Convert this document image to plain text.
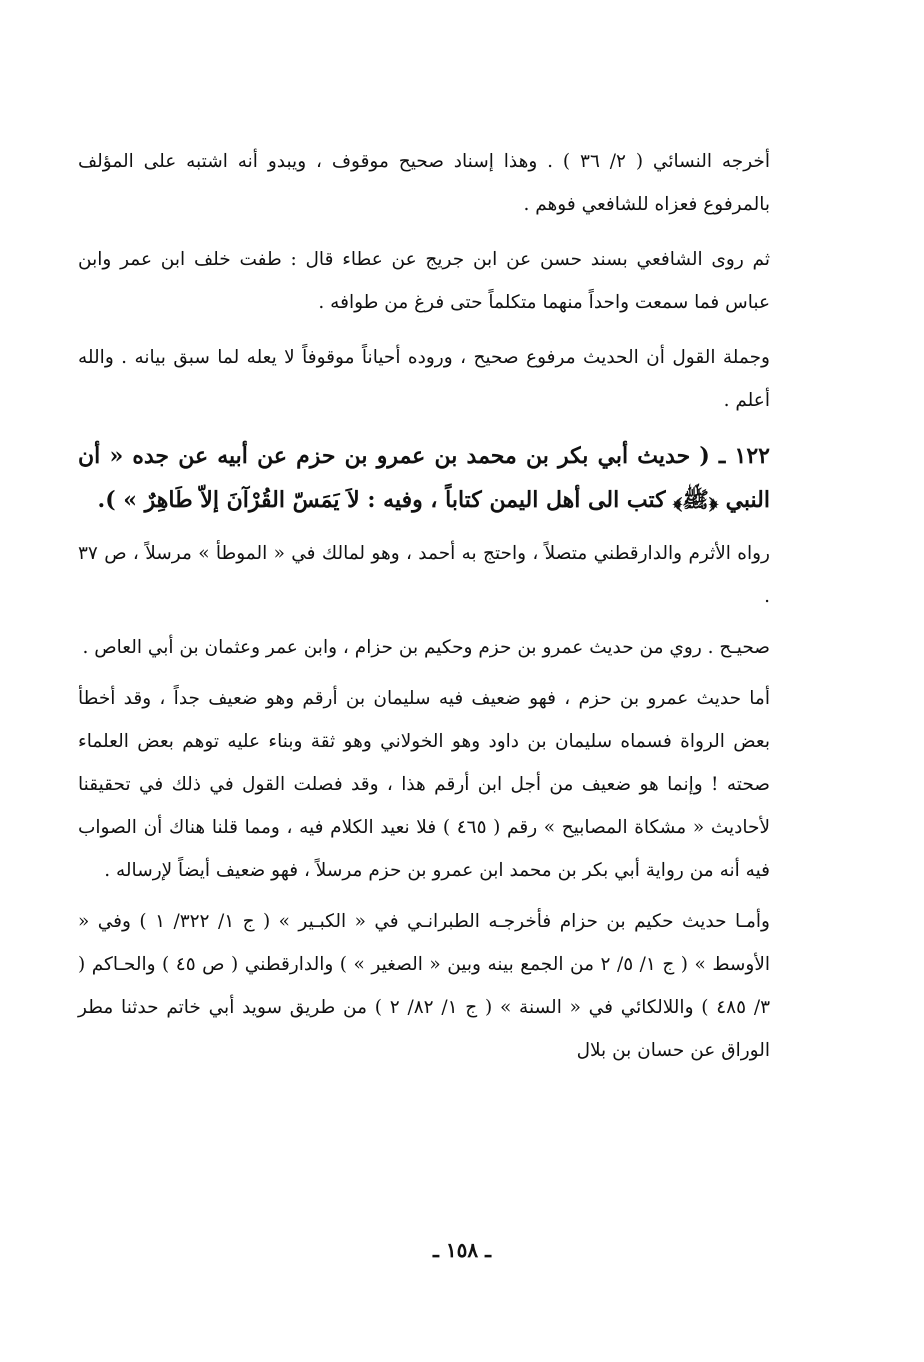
أخرجه النسائي ( ٢/ ٣٦ ) . وهذا إسناد صحيح موقوف ، ويبدو أنه اشتبه على المؤلف بالمرفوع فعزاه للشافعي فوهم .

ثم روى الشافعي بسند حسن عن ابن جريج عن عطاء قال : طفت خلف ابن عمر وابن عباس فما سمعت واحداً منهما متكلماً حتى فرغ من طوافه .

وجملة القول أن الحديث مرفوع صحيح ، وروده أحياناً موقوفاً لا يعله لما سبق بيانه . والله أعلم .

١٢٢ ـ ( حديث أبي بكر بن محمد بن عمرو بن حزم عن أبيه عن جده « أن النبي ﴿ﷺ﴾ كتب الى أهل اليمن كتاباً ، وفيه : لاَ يَمَسّ القُرْآنَ إلاّ طَاهِرٌ » ).

رواه الأثرم والدارقطني متصلاً ، واحتج به أحمد ، وهو لمالك في « الموطأ » مرسلاً ، ص ٣٧ .

صحيـح . روي من حديث عمرو بن حزم وحكيم بن حزام ، وابن عمر وعثمان بن أبي العاص .

أما حديث عمرو بن حزم ، فهو ضعيف فيه سليمان بن أرقم وهو ضعيف جداً ، وقد أخطأ بعض الرواة فسماه سليمان بن داود وهو الخولاني وهو ثقة وبناء عليه توهم بعض العلماء صحته ! وإنما هو ضعيف من أجل ابن أرقم هذا ، وقد فصلت القول في ذلك في تحقيقنا لأحاديث « مشكاة المصابيح » رقم ( ٤٦٥ ) فلا نعيد الكلام فيه ، ومما قلنا هناك أن الصواب فيه أنه من رواية أبي بكر بن محمد ابن عمرو بن حزم مرسلاً ، فهو ضعيف أيضاً لإرساله .

وأمـا حديث حكيم بن حزام فأخرجـه الطبرانـي في « الكبـير » ( ج ١/ ٣٢٢/ ١ ) وفي « الأوسط » ( ج ١/ ٥/ ٢ من الجمع بينه وبين « الصغير » ) والدارقطني ( ص ٤٥ ) والحـاكم ( ٣/ ٤٨٥ ) واللالكائي في « السنة » ( ج ١/ ٨٢/ ٢ ) من طريق سويد أبي خاتم حدثنا مطر الوراق عن حسان بن بلال

ـ ١٥٨ ـ
